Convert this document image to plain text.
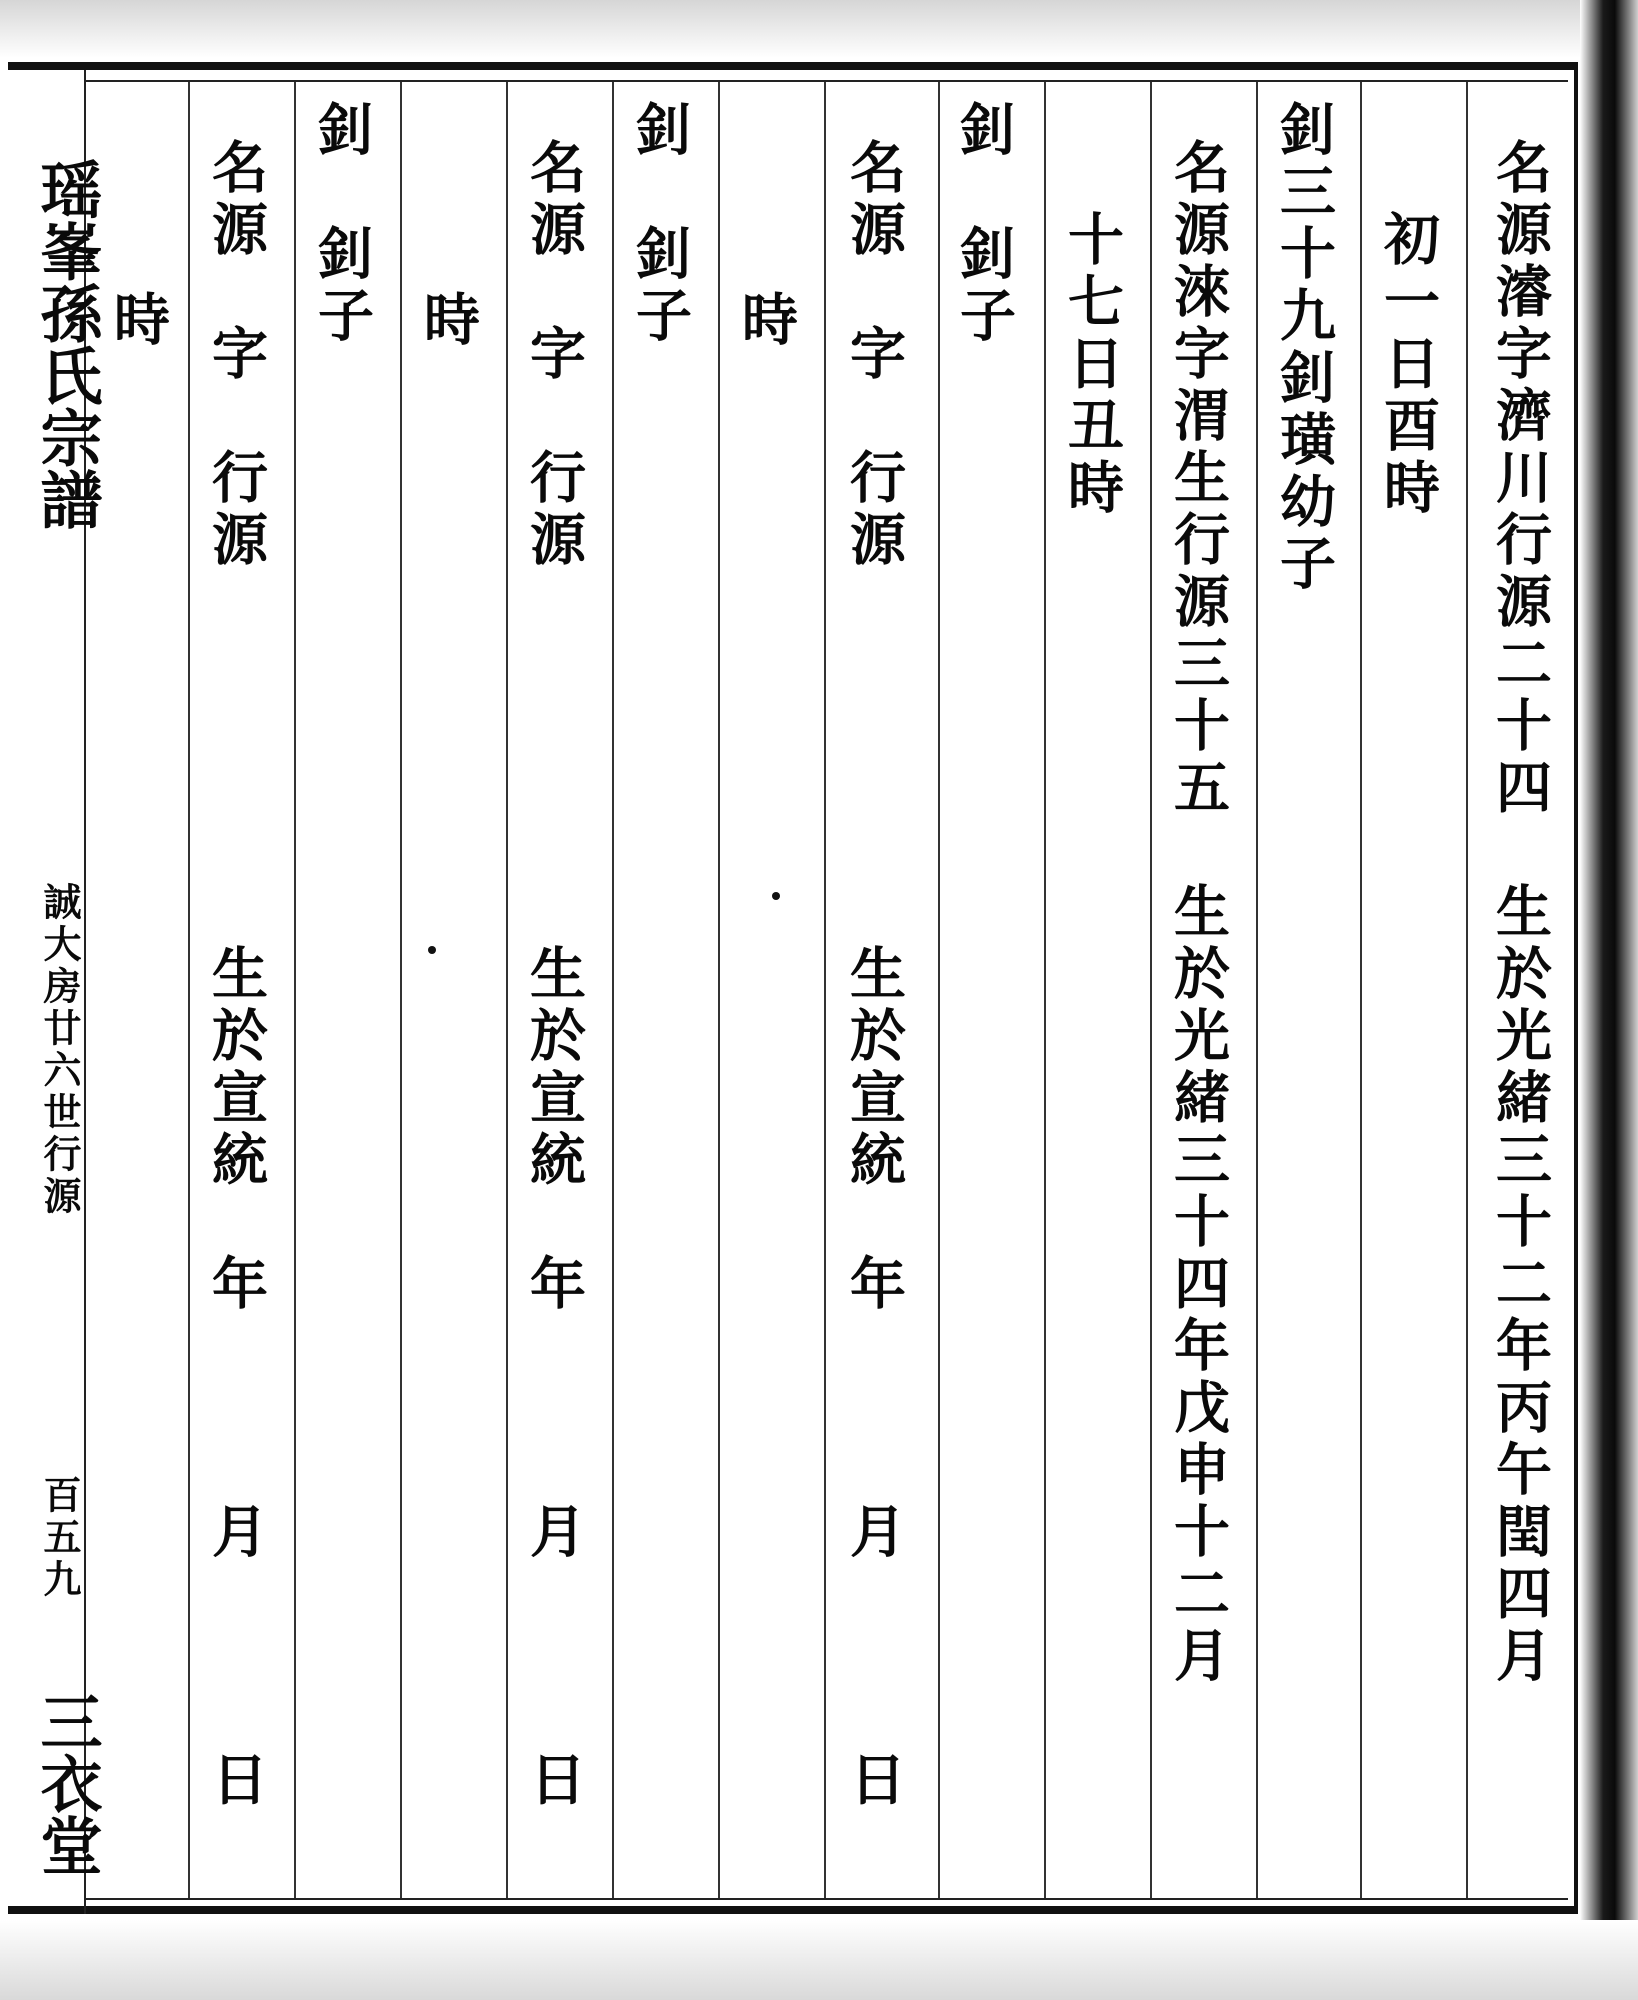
瑶峯孫氏宗譜
誠大房廿六世行源
百五九
三衣堂
名源濬字濟川行源二十四　生於光緒三十二年丙午閏四月
初一日酉時
釗三十九釗璜幼子
名源淶字渭生行源三十五　生於光緒三十四年戊申十二月
十七日丑時
釗　釗子
名源　字　行源　　　　　　生於宣統　年　　　月　　　日
時
釗　釗子
名源　字　行源　　　　　　生於宣統　年　　　月　　　日
時
釗　釗子
名源　字　行源　　　　　　生於宣統　年　　　月　　　日
時
